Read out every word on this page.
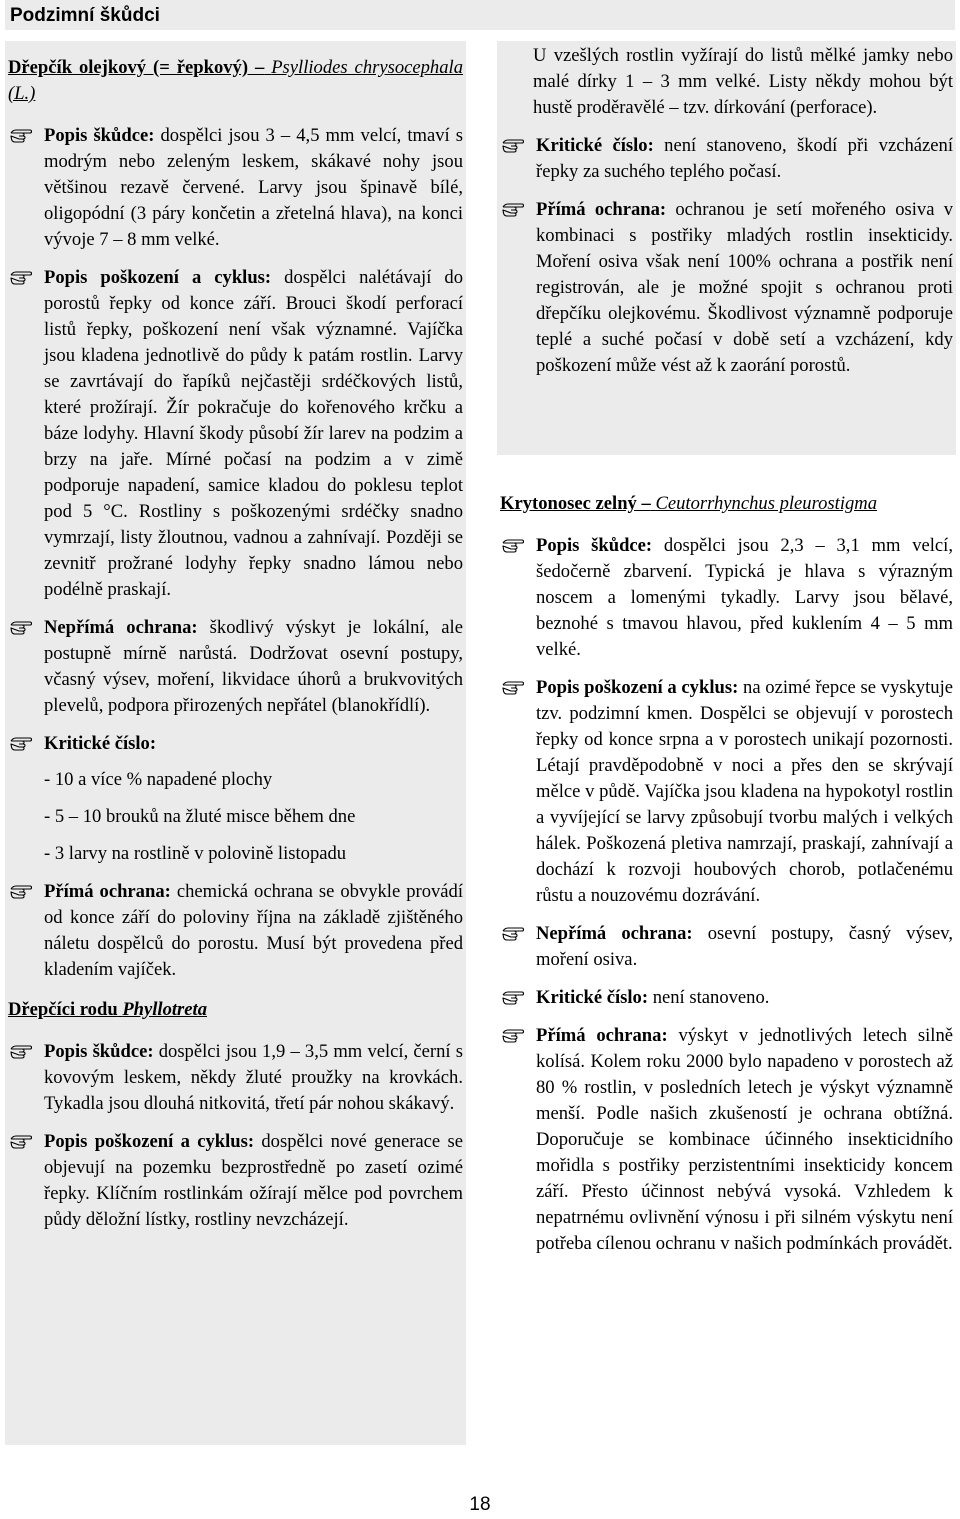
Podzimní škůdci
Dřepčík olejkový (= řepkový) – Psylliodes chrysocephala (L.)
Popis škůdce: dospělci jsou 3 – 4,5 mm velcí, tmaví s modrým nebo zeleným leskem, skákavé nohy jsou většinou rezavě červené. Larvy jsou špinavě bílé, oligopódní (3 páry končetin a zřetelná hlava), na konci vývoje 7 – 8 mm velké.
Popis poškození a cyklus: dospělci nalétávají do porostů řepky od konce září. Brouci škodí perforací listů řepky, poškození není však významné. Vajíčka jsou kladena jednotlivě do půdy k patám rostlin. Larvy se zavrtávají do řapíků nejčastěji srdéčkových listů, které prožírají. Žír pokračuje do kořenového krčku a báze lodyhy. Hlavní škody působí žír larev na podzim a brzy na jaře. Mírné počasí na podzim a v zimě podporuje napadení, samice kladou do poklesu teplot pod 5 °C. Rostliny s poškozenými srdéčky snadno vymrzají, listy žloutnou, vadnou a zahnívají. Později se zevnitř prožrané lodyhy řepky snadno lámou nebo podélně praskají.
Nepřímá ochrana: škodlivý výskyt je lokální, ale postupně mírně narůstá. Dodržovat osevní postupy, včasný výsev, moření, likvidace úhorů a brukvovitých plevelů, podpora přirozených nepřátel (blanokřídlí).
Kritické číslo:
- 10 a více % napadené plochy
- 5 – 10 brouků na žluté misce během dne
- 3 larvy na rostlině v polovině listopadu
Přímá ochrana: chemická ochrana se obvykle provádí od konce září do poloviny října na základě zjištěného náletu dospělců do porostu. Musí být provedena před kladením vajíček.
Dřepčíci rodu Phyllotreta
Popis škůdce: dospělci jsou 1,9 – 3,5 mm velcí, černí s kovovým leskem, někdy žluté proužky na krovkách. Tykadla jsou dlouhá nitkovitá, třetí pár nohou skákavý.
Popis poškození a cyklus: dospělci nové generace se objevují na pozemku bezprostředně po zasetí ozimé řepky. Klíčním rostlinkám ožírají mělce pod povrchem půdy děložní lístky, rostliny nevzcházejí.
U vzešlých rostlin vyžírají do listů mělké jamky nebo malé dírky 1 – 3 mm velké. Listy někdy mohou být hustě proděravělé – tzv. dírkování (perforace).
Kritické číslo: není stanoveno, škodí při vzcházení řepky za suchého teplého počasí.
Přímá ochrana: ochranou je setí mořeného osiva v kombinaci s postřiky mladých rostlin insekticidy. Moření osiva však není 100% ochrana a postřik není registrován, ale je možné spojit s ochranou proti dřepčíku olejkovému. Škodlivost významně podporuje teplé a suché počasí v době setí a vzcházení, kdy poškození může vést až k zaorání porostů.
Krytonosec zelný – Ceutorrhynchus pleurostigma
Popis škůdce: dospělci jsou 2,3 – 3,1 mm velcí, šedočerně zbarvení. Typická je hlava s výrazným noscem a lomenými tykadly. Larvy jsou bělavé, beznohé s tmavou hlavou, před kuklením 4 – 5 mm velké.
Popis poškození a cyklus: na ozimé řepce se vyskytuje tzv. podzimní kmen. Dospělci se objevují v porostech řepky od konce srpna a v porostech unikají pozornosti. Létají pravděpodobně v noci a přes den se skrývají mělce v půdě. Vajíčka jsou kladena na hypokotyl rostlin a vyvíjející se larvy způsobují tvorbu malých i velkých hálek. Poškozená pletiva namrzají, praskají, zahnívají a dochází k rozvoji houbových chorob, potlačenému růstu a nouzovému dozrávání.
Nepřímá ochrana: osevní postupy, časný výsev, moření osiva.
Kritické číslo: není stanoveno.
Přímá ochrana: výskyt v jednotlivých letech silně kolísá. Kolem roku 2000 bylo napadeno v porostech až 80 % rostlin, v posledních letech je výskyt významně menší. Podle našich zkušeností je ochrana obtížná. Doporučuje se kombinace účinného insekticidního mořidla s postřiky perzistentními insekticidy koncem září. Přesto účinnost nebývá vysoká. Vzhledem k nepatrnému ovlivnění výnosu i při silném výskytu není potřeba cílenou ochranu v našich podmínkách provádět.
18
